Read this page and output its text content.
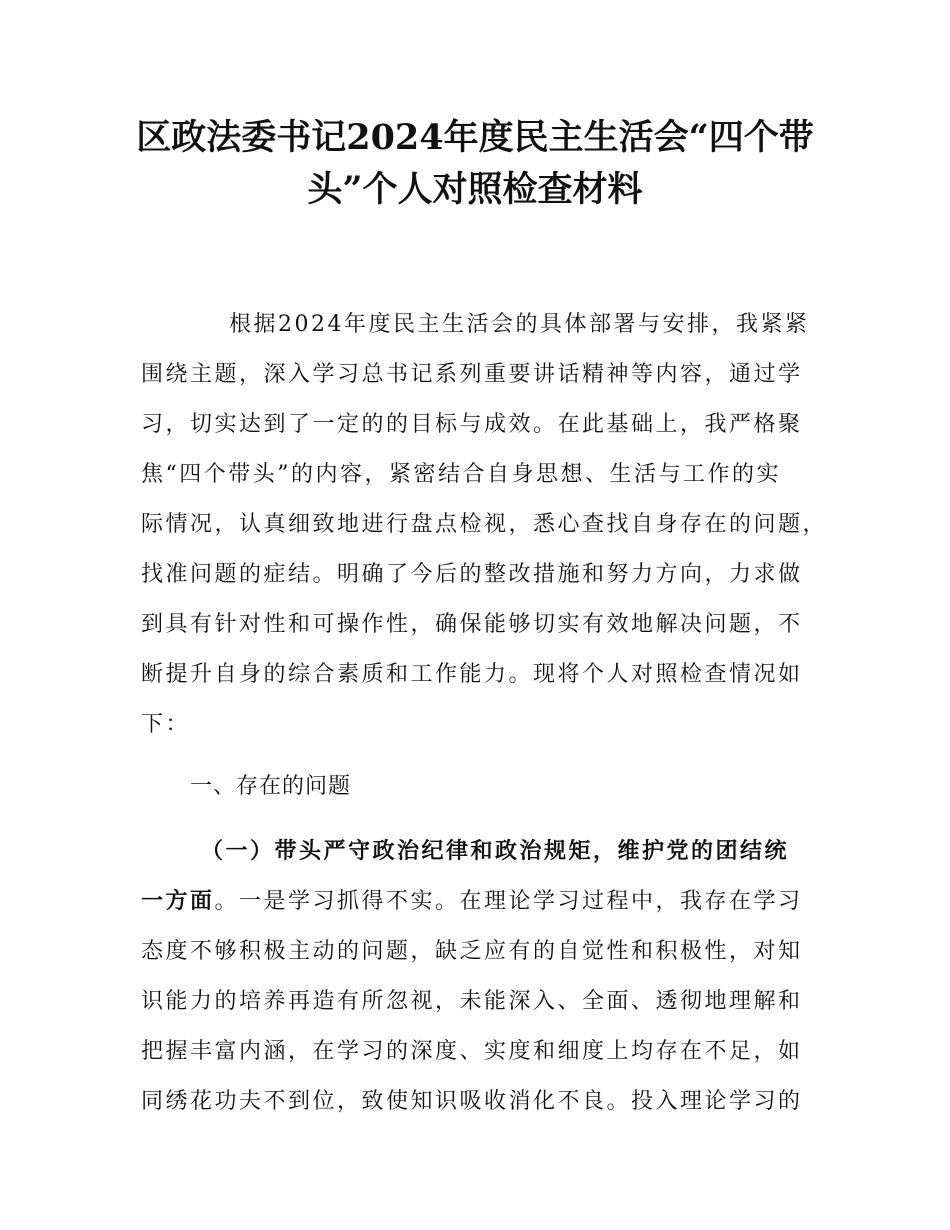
区政法委书记2024年度民主生活会“四个带
头”个人对照检查材料
根据2024年度民主生活会的具体部署与安排，我紧紧
围绕主题，深入学习总书记系列重要讲话精神等内容，通过学
习，切实达到了一定的的目标与成效。在此基础上，我严格聚
焦“四个带头”的内容，紧密结合自身思想、生活与工作的实
际情况，认真细致地进行盘点检视，悉心查找自身存在的问题，
找准问题的症结。明确了今后的整改措施和努力方向，力求做
到具有针对性和可操作性，确保能够切实有效地解决问题，不
断提升自身的综合素质和工作能力。现将个人对照检查情况如
下：
一、存在的问题
（一）带头严守政治纪律和政治规矩，维护党的团结统
一方面。一是学习抓得不实。在理论学习过程中，我存在学习
态度不够积极主动的问题，缺乏应有的自觉性和积极性，对知
识能力的培养再造有所忽视，未能深入、全面、透彻地理解和
把握丰富内涵，在学习的深度、实度和细度上均存在不足，如
同绣花功夫不到位，致使知识吸收消化不良。投入理论学习的
